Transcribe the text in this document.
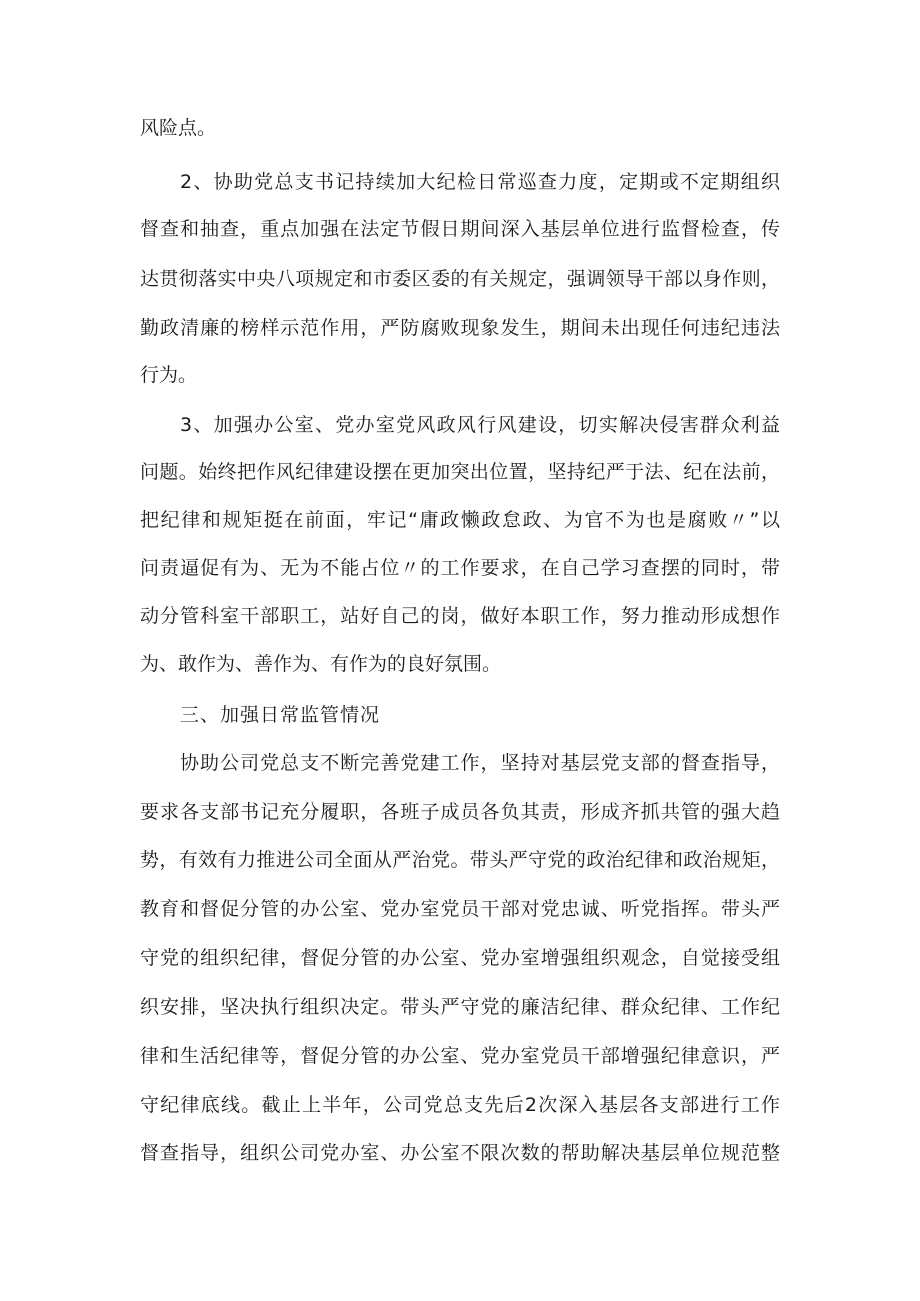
风险点。
2、协助党总支书记持续加大纪检日常巡查力度，定期或不定期组织
督查和抽查，重点加强在法定节假日期间深入基层单位进行监督检查，传
达贯彻落实中央八项规定和市委区委的有关规定，强调领导干部以身作则，
勤政清廉的榜样示范作用，严防腐败现象发生，期间未出现任何违纪违法
行为。
3、加强办公室、党办室党风政风行风建设，切实解决侵害群众利益
问题。始终把作风纪律建设摆在更加突出位置，坚持纪严于法、纪在法前，
把纪律和规矩挺在前面，牢记“庸政懒政怠政、为官不为也是腐败〃”以
问责逼促有为、无为不能占位〃的工作要求，在自己学习查摆的同时，带
动分管科室干部职工，站好自己的岗，做好本职工作，努力推动形成想作
为、敢作为、善作为、有作为的良好氛围。
三、加强日常监管情况
协助公司党总支不断完善党建工作，坚持对基层党支部的督查指导，
要求各支部书记充分履职，各班子成员各负其责，形成齐抓共管的强大趋
势，有效有力推进公司全面从严治党。带头严守党的政治纪律和政治规矩，
教育和督促分管的办公室、党办室党员干部对党忠诚、听党指挥。带头严
守党的组织纪律，督促分管的办公室、党办室增强组织观念，自觉接受组
织安排，坚决执行组织决定。带头严守党的廉洁纪律、群众纪律、工作纪
律和生活纪律等，督促分管的办公室、党办室党员干部增强纪律意识，严
守纪律底线。截止上半年，公司党总支先后2次深入基层各支部进行工作
督查指导，组织公司党办室、办公室不限次数的帮助解决基层单位规范整
